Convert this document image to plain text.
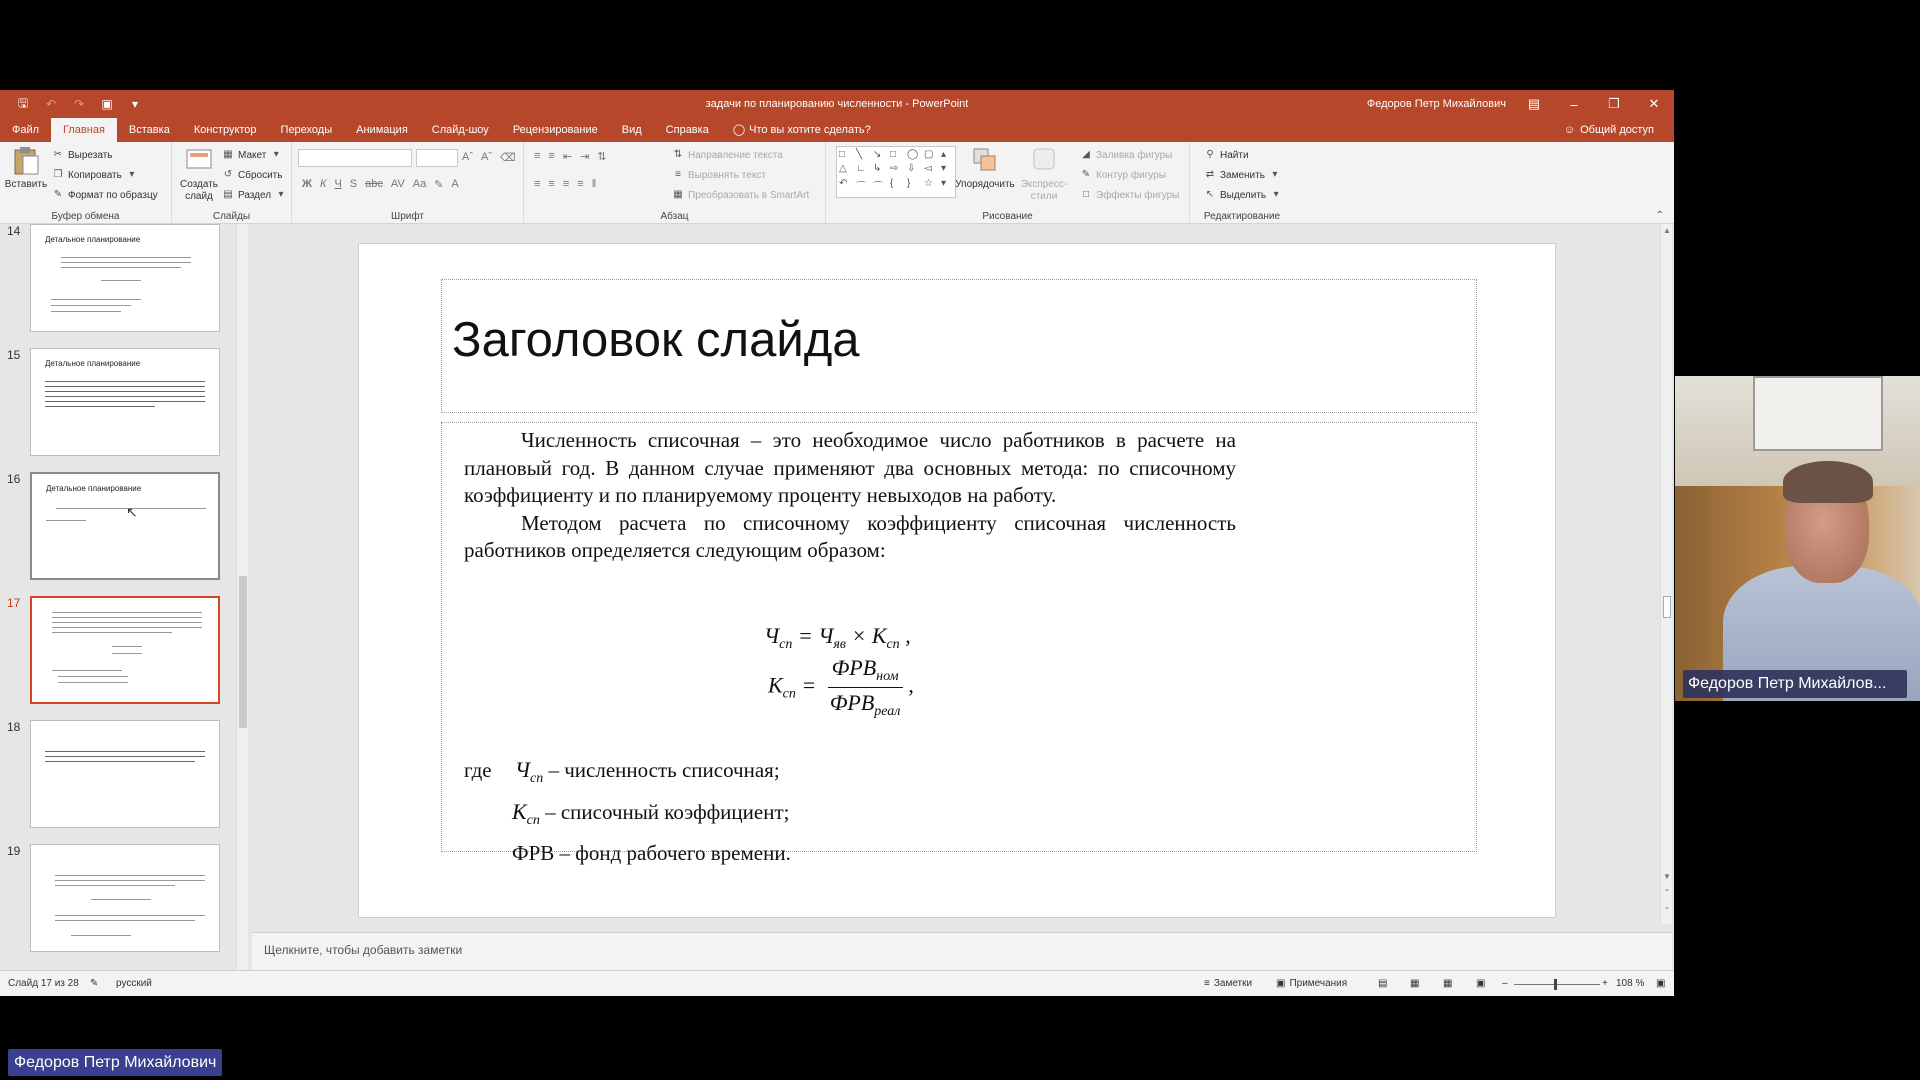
🖫 ↶ ↷ ▣	▾	задачи по планированию численности - PowerPoint	Федоров Петр Михайлович	▤	–	❐	✕
Файл	Главная	Вставка	Конструктор	Переходы	Анимация	Слайд-шоу	Рецензирование	Вид	Справка	◯ Что вы хотите сделать?	☺ Общий доступ
Вставить
✂ Вырезать
❐ Копировать ▾
✎ Формат по образцу
Буфер обмена
Создать слайд
▦ Макет ▾
↺ Сбросить
▤ Раздел ▾
Слайды
Aˆ Aˇ ⌫
Ж К Ч S abc AV Aa ✎ A
Шрифт
≡ ≡ ⇤ ⇥ ⇅
≡ ≡ ≡ ≡ ‖
⇅ Направление текста
≡ Выровнять текст
▦ Преобразовать в SmartArt
Абзац
□	╲	↘ □	◯ ▢ ▴
△ ∟ ↳ ⇨ ⇩ ◅ ▾
↶ ⌒ ⌒ {	}	☆ ▾ Упорядочить Экспресс-стили
◢ Заливка фигуры
✎ Контур фигуры
□ Эффекты фигуры
Рисование
⚲ Найти
⇄ Заменить ▾
↖ Выделить ▾
Редактирование	⌃
14
Детальное планирование
15
Детальное планирование
16
Детальное планирование
↖
17
18
19
Заголовок слайда

Численность списочная – это необходимое число работников в расчете на плановый год. В данном случае применяют два основных метода: по списочному коэффициенту и по планируемому проценту невыходов на работу.

Методом расчета по списочному коэффициенту списочная численность работников определяется следующим образом:

$Ч_{сп} = Ч_{яв} \times К_{сп}$ ,
$К_{сп} = \frac{ФРВ_{ном}}{ФРВ_{реал}}$ ,
где $Ч_{сп}$ – численность списочная;
$К_{сп}$ – списочный коэффициент;
ФРВ – фонд рабочего времени.
▲
▼
⌃
⌄
Щелкните, чтобы добавить заметки
Слайд 17 из 28 ✎ русский	≡ Заметки ▣ Примечания	▤ ▦ ▦ ▣ –	+ 108 % ▣
Федоров Петр Михайлов...
Федоров Петр Михайлович
